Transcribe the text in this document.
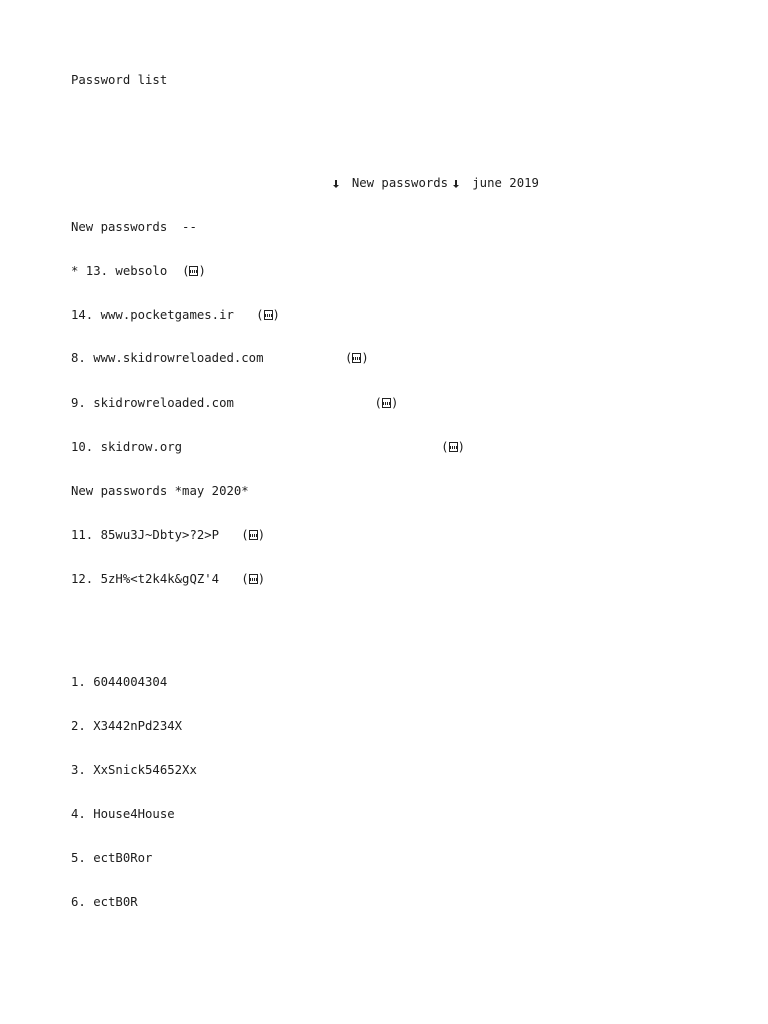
Password list

New passwords june 2019

New passwords  --

* 13. websolo  ( )

14. www.pocketgames.ir   ( )

8. www.skidrowreloaded.com           ( )

9. skidrowreloaded.com                   ( )

10. skidrow.org                                   ( )

New passwords *may 2020*

11. 85wu3J~Dbty>?2>P   ( )

12. 5zH%<t2k4k&gQZ'4   ( )

1. 6044004304

2. X3442nPd234X

3. XxSnick54652Xx

4. House4House

5. ectB0Ror

6. ectB0R
